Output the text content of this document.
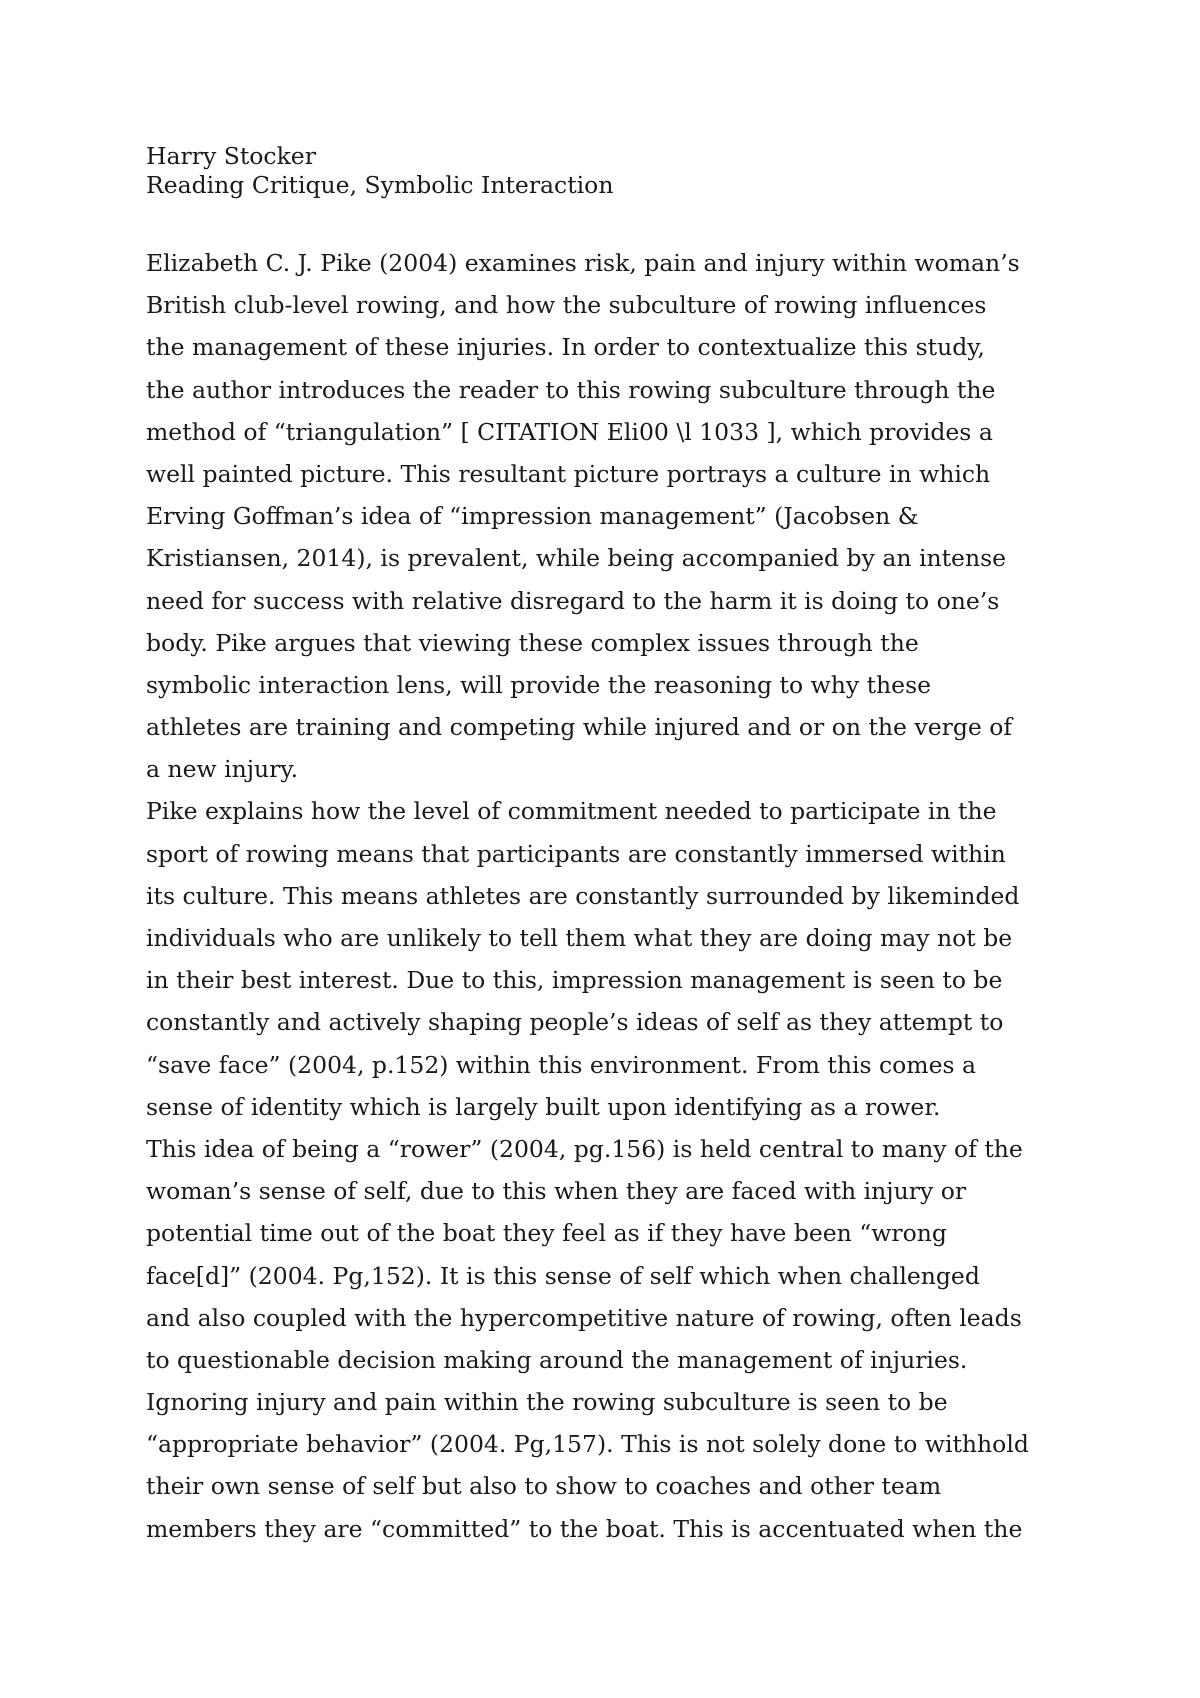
Harry Stocker
Reading Critique, Symbolic Interaction
Elizabeth C. J. Pike (2004) examines risk, pain and injury within woman’s
British club-level rowing, and how the subculture of rowing influences
the management of these injuries. In order to contextualize this study,
the author introduces the reader to this rowing subculture through the
method of “triangulation” [ CITATION Eli00 \l 1033 ], which provides a
well painted picture. This resultant picture portrays a culture in which
Erving Goffman’s idea of “impression management” (Jacobsen &
Kristiansen, 2014), is prevalent, while being accompanied by an intense
need for success with relative disregard to the harm it is doing to one’s
body. Pike argues that viewing these complex issues through the
symbolic interaction lens, will provide the reasoning to why these
athletes are training and competing while injured and or on the verge of
a new injury.
Pike explains how the level of commitment needed to participate in the
sport of rowing means that participants are constantly immersed within
its culture. This means athletes are constantly surrounded by likeminded
individuals who are unlikely to tell them what they are doing may not be
in their best interest. Due to this, impression management is seen to be
constantly and actively shaping people’s ideas of self as they attempt to
“save face” (2004, p.152) within this environment. From this comes a
sense of identity which is largely built upon identifying as a rower.
This idea of being a “rower” (2004, pg.156) is held central to many of the
woman’s sense of self, due to this when they are faced with injury or
potential time out of the boat they feel as if they have been “wrong
face[d]” (2004. Pg,152). It is this sense of self which when challenged
and also coupled with the hypercompetitive nature of rowing, often leads
to questionable decision making around the management of injuries.
Ignoring injury and pain within the rowing subculture is seen to be
“appropriate behavior” (2004. Pg,157). This is not solely done to withhold
their own sense of self but also to show to coaches and other team
members they are “committed” to the boat. This is accentuated when the
